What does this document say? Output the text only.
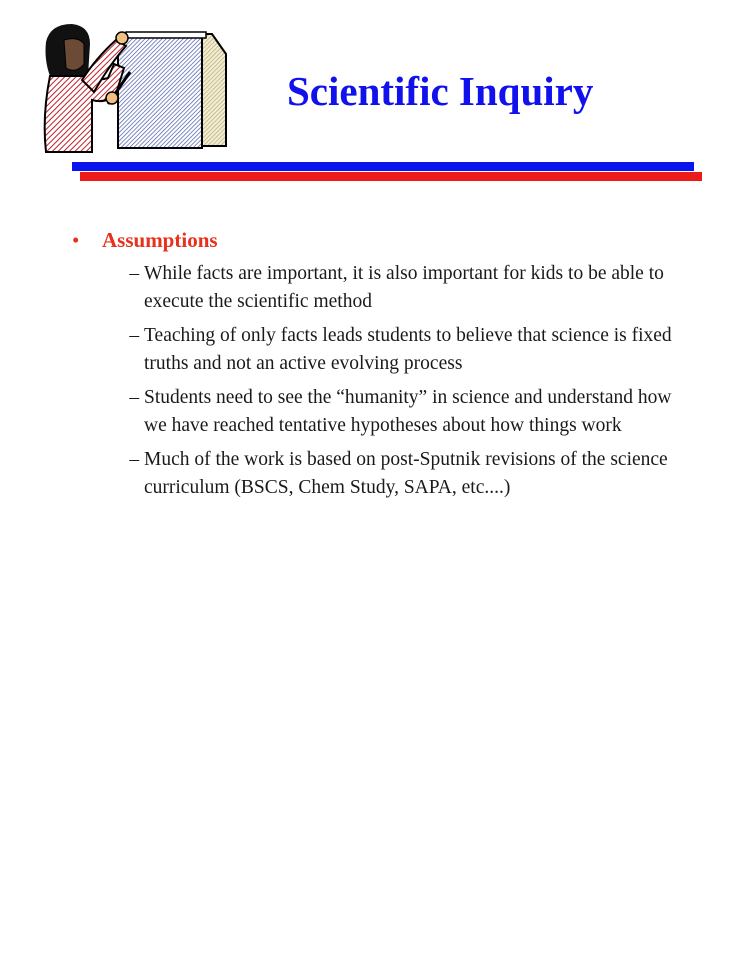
Scientific Inquiry
•	Assumptions
– While facts are important, it is also important for kids to be able to execute the scientific method
– Teaching of only facts leads students to believe that science is fixed truths and not an active evolving process
– Students need to see the “humanity” in science and understand how we have reached tentative hypotheses about how things work
– Much of the work is based on post-Sputnik revisions of the science curriculum (BSCS, Chem Study, SAPA, etc....)
